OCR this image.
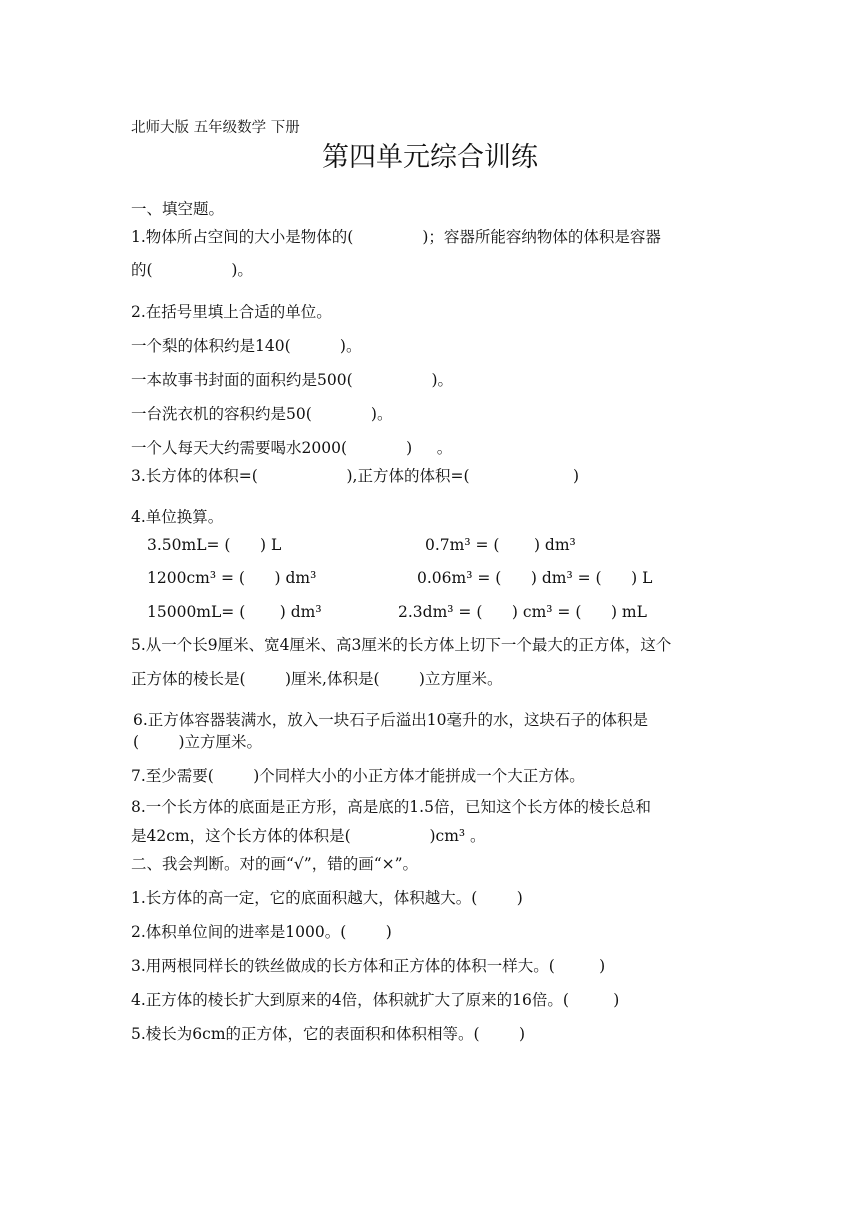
北师大版 五年级数学 下册
第四单元综合训练
一、填空题。
1.物体所占空间的大小是物体的(              )；容器所能容纳物体的体积是容器
的(                )。
2.在括号里填上合适的单位。
一个梨的体积约是140(          )。
一本故事书封面的面积约是500(                )。
一台洗衣机的容积约是50(            )。
一个人每天大约需要喝水2000(            )     。
3.长方体的体积=(                  ),正方体的体积=(                     )
4.单位换算。
3.50mL= (      ) L	0.7m³ = (       ) dm³
1200cm³ = (      ) dm³	0.06m³ = (      ) dm³ = (      ) L
15000mL= (       ) dm³	2.3dm³ = (      ) cm³ = (      ) mL
5.从一个长9厘米、宽4厘米、高3厘米的长方体上切下一个最大的正方体，这个
正方体的棱长是(        )厘米,体积是(        )立方厘米。
6.正方体容器装满水，放入一块石子后溢出10毫升的水，这块石子的体积是
(        )立方厘米。
7.至少需要(        )个同样大小的小正方体才能拼成一个大正方体。
8.一个长方体的底面是正方形，高是底的1.5倍，已知这个长方体的棱长总和
是42cm，这个长方体的体积是(                )cm³ 。
二、我会判断。对的画“√”，错的画“×”。
1.长方体的高一定，它的底面积越大，体积越大。(        )
2.体积单位间的进率是1000。(        )
3.用两根同样长的铁丝做成的长方体和正方体的体积一样大。(         )
4.正方体的棱长扩大到原来的4倍，体积就扩大了原来的16倍。(         )
5.棱长为6cm的正方体，它的表面积和体积相等。(        )
